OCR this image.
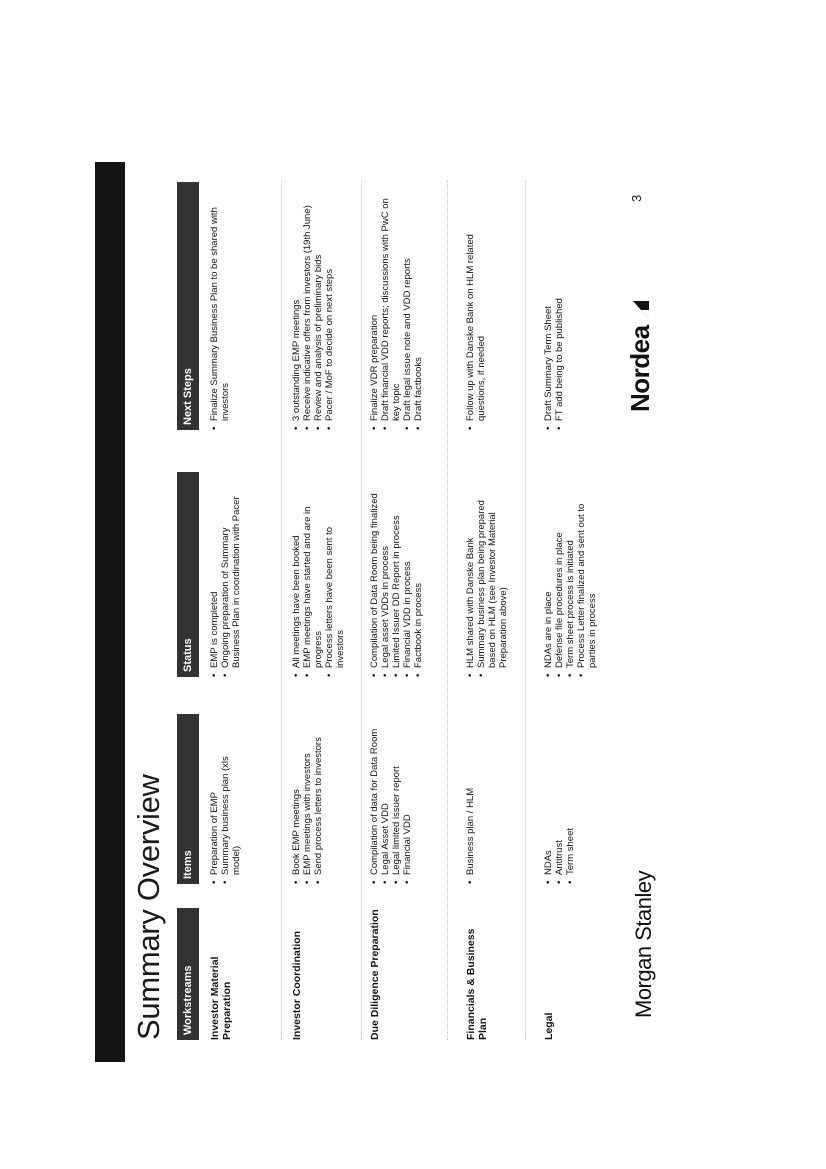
Summary Overview	Workstreams
Items
Status
Next Steps
Investor Material Preparation
• Preparation of EMP • Summary business plan (xls model)
• EMP is completed • Ongoing preparation of Summary Business Plan in coordination with Pacer
• Finalize Summary Business Plan to be shared with investors
Investor Coordination
• Book EMP meetings • EMP meetings with investors • Send process letters to investors
• All meetings have been booked • EMP meetings have started and are in progress • Process letters have been sent to investors
• 3 outstanding EMP meetings • Receive indicative offers from investors (19th June) • Review and analysis of preliminary bids • Pacer / MoF to decide on next steps
Due Diligence Preparation
• Compilation of data for Data Room • Legal Asset VDD • Legal limited issuer report • Financial VDD
• Compilation of Data Room being finalized • Legal asset VDDs in process • Limited Issuer DD Report in process • Financial VDD in process • Factbook in process
• Finalize VDR preparation • Draft financial VDD reports; discussions with PwC on key topic • Draft legal issue note and VDD reports • Draft factbooks
Financials & Business Plan
• Business plan / HLM
• HLM shared with Danske Bank • Summary business plan being prepared based on HLM (see Investor Material Preparation above)
• Follow up with Danske Bank on HLM related questions, if needed
Legal
• NDAs • Antitrust • Term sheet
• NDAs are in place • Defense file procedures in place • Term sheet process is initiated • Process Letter finalized and sent out to parties in process
• Draft Summary Term Sheet • FT add being to be published
Morgan Stanley
Nordea
3
